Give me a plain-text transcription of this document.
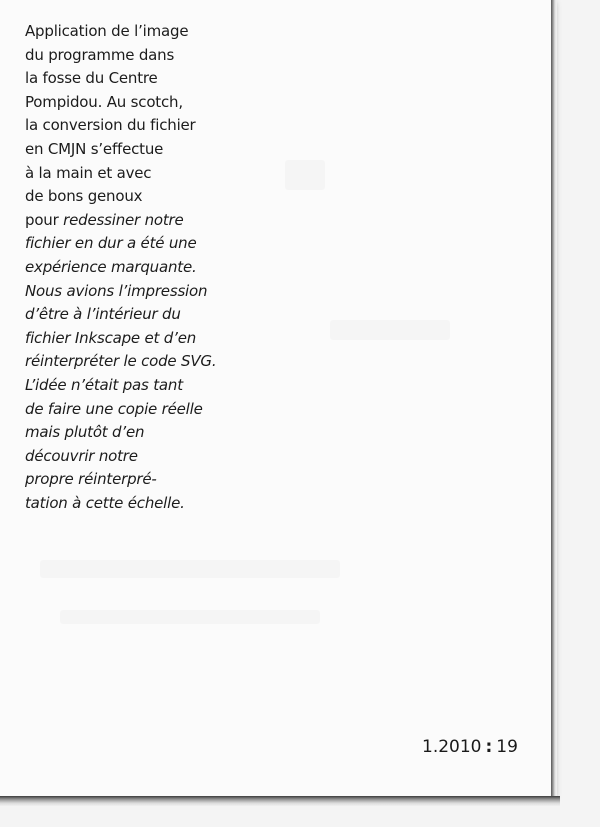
Application de l’image
du programme dans
la fosse du Centre
Pompidou. Au scotch,
la conversion du fichier
en CMJN s’effectue
à la main et avec
de bons genoux
pour redessiner notre
fichier en dur a été une
expérience marquante.
Nous avions l’impression
d’être à l’intérieur du
fichier Inkscape et d’en
réinterpréter le code SVG.
L’idée n’était pas tant
de faire une copie réelle
mais plutôt d’en
découvrir notre
propre réinterpré-
tation à cette échelle.

1.2010 : 19
